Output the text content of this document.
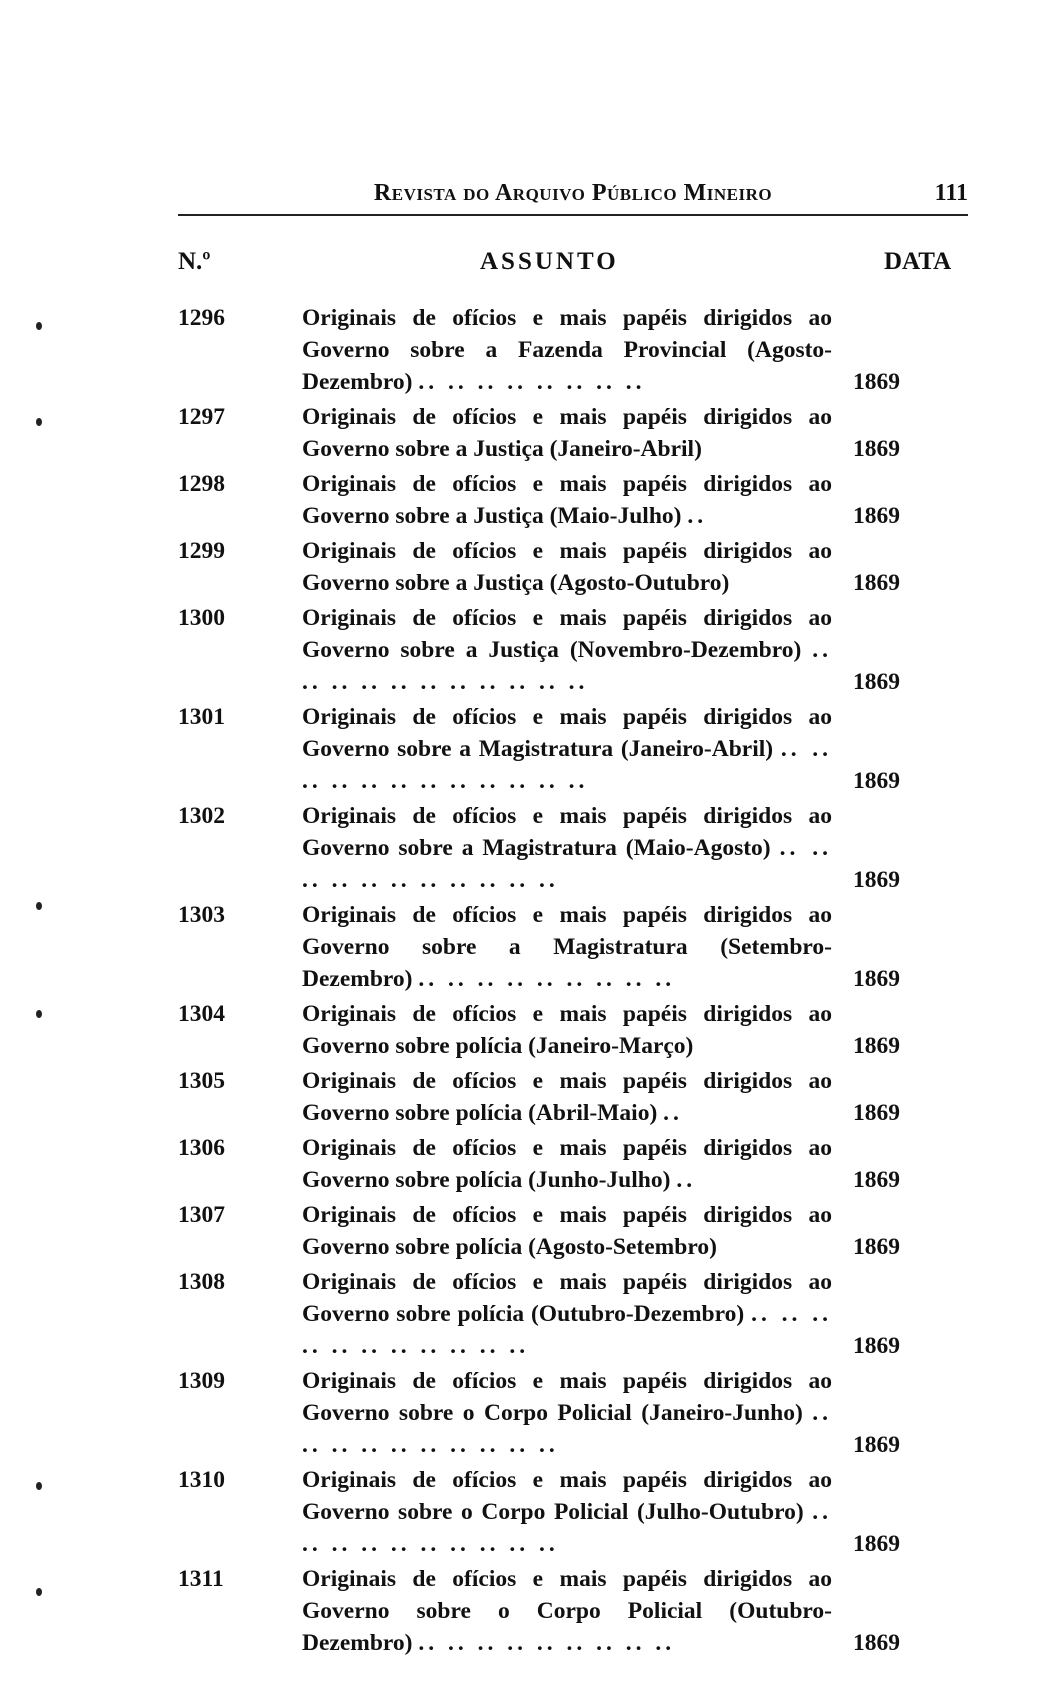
Revista do Arquivo Público Mineiro	111
N.º	ASSUNTO	DATA
1296	Originais de ofícios e mais papéis dirigidos ao Governo sobre a Fazenda Provincial (Agosto-Dezembro) .. .. .. .. .. .. .. ..	1869
1297	Originais de ofícios e mais papéis dirigidos ao Governo sobre a Justiça (Janeiro-Abril)	1869
1298	Originais de ofícios e mais papéis dirigidos ao Governo sobre a Justiça (Maio-Julho) ..	1869
1299	Originais de ofícios e mais papéis dirigidos ao Governo sobre a Justiça (Agosto-Outubro)	1869
1300	Originais de ofícios e mais papéis dirigidos ao Governo sobre a Justiça (Novembro-Dezembro) .. .. .. .. .. .. .. .. .. .. ..	1869
1301	Originais de ofícios e mais papéis dirigidos ao Governo sobre a Magistratura (Janeiro-Abril) .. .. .. .. .. .. .. .. .. .. .. ..	1869
1302	Originais de ofícios e mais papéis dirigidos ao Governo sobre a Magistratura (Maio-Agosto) .. .. .. .. .. .. .. .. .. .. ..	1869
1303	Originais de ofícios e mais papéis dirigidos ao Governo sobre a Magistratura (Setembro-Dezembro) .. .. .. .. .. .. .. .. ..	1869
1304	Originais de ofícios e mais papéis dirigidos ao Governo sobre polícia (Janeiro-Março)	1869
1305	Originais de ofícios e mais papéis dirigidos ao Governo sobre polícia (Abril-Maio) ..	1869
1306	Originais de ofícios e mais papéis dirigidos ao Governo sobre polícia (Junho-Julho) ..	1869
1307	Originais de ofícios e mais papéis dirigidos ao Governo sobre polícia (Agosto-Setembro)	1869
1308	Originais de ofícios e mais papéis dirigidos ao Governo sobre polícia (Outubro-Dezembro) .. .. .. .. .. .. .. .. .. .. ..	1869
1309	Originais de ofícios e mais papéis dirigidos ao Governo sobre o Corpo Policial (Janeiro-Junho) .. .. .. .. .. .. .. .. .. ..	1869
1310	Originais de ofícios e mais papéis dirigidos ao Governo sobre o Corpo Policial (Julho-Outubro) .. .. .. .. .. .. .. .. .. ..	1869
1311	Originais de ofícios e mais papéis dirigidos ao Governo sobre o Corpo Policial (Outubro-Dezembro) .. .. .. .. .. .. .. .. ..	1869
